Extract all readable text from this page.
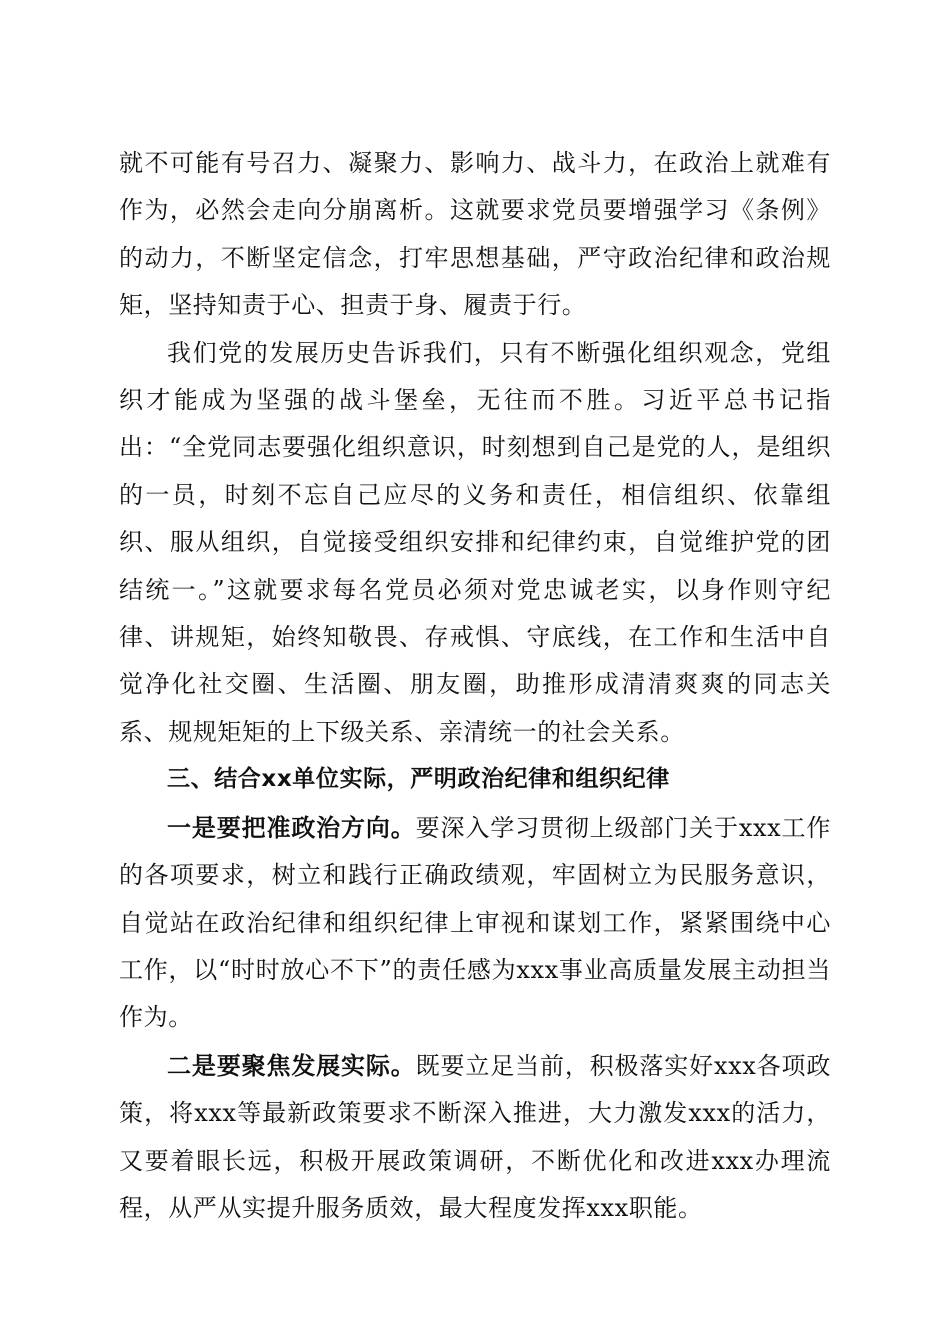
就不可能有号召力、凝聚力、影响力、战斗力，在政治上就难有作为，必然会走向分崩离析。这就要求党员要增强学习《条例》的动力，不断坚定信念，打牢思想基础，严守政治纪律和政治规矩，坚持知责于心、担责于身、履责于行。

我们党的发展历史告诉我们，只有不断强化组织观念，党组织才能成为坚强的战斗堡垒，无往而不胜。习近平总书记指出：“全党同志要强化组织意识，时刻想到自己是党的人，是组织的一员，时刻不忘自己应尽的义务和责任，相信组织、依靠组织、服从组织，自觉接受组织安排和纪律约束，自觉维护党的团结统一。”这就要求每名党员必须对党忠诚老实，以身作则守纪律、讲规矩，始终知敬畏、存戒惧、守底线，在工作和生活中自觉净化社交圈、生活圈、朋友圈，助推形成清清爽爽的同志关系、规规矩矩的上下级关系、亲清统一的社会关系。

三、结合xx单位实际，严明政治纪律和组织纪律

一是要把准政治方向。要深入学习贯彻上级部门关于xxx工作的各项要求，树立和践行正确政绩观，牢固树立为民服务意识，自觉站在政治纪律和组织纪律上审视和谋划工作，紧紧围绕中心工作，以“时时放心不下”的责任感为xxx事业高质量发展主动担当作为。

二是要聚焦发展实际。既要立足当前，积极落实好xxx各项政策，将xxx等最新政策要求不断深入推进，大力激发xxx的活力，又要着眼长远，积极开展政策调研，不断优化和改进xxx办理流程，从严从实提升服务质效，最大程度发挥xxx职能。
